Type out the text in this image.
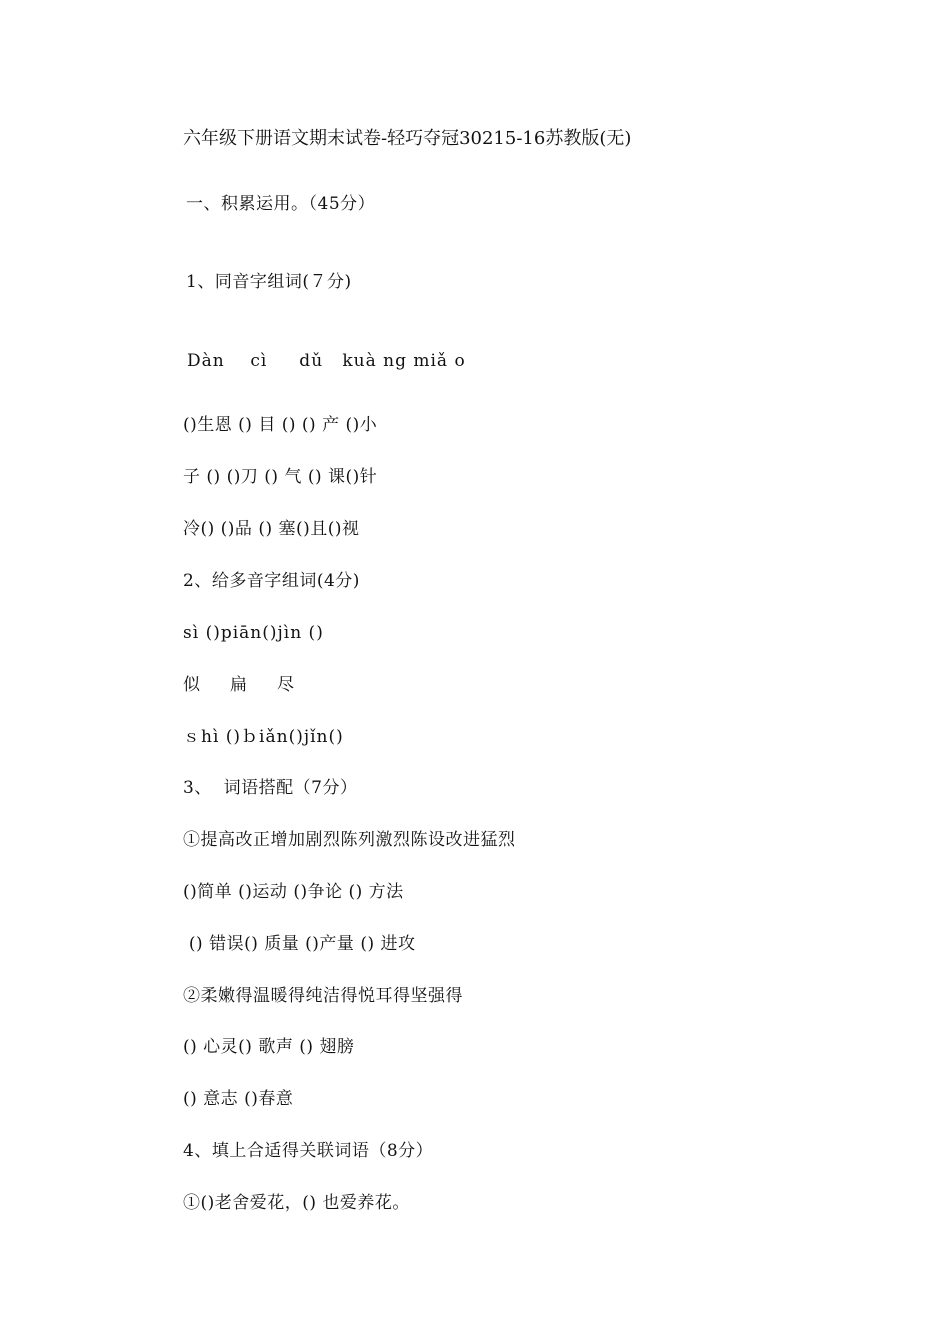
六年级下册语文期末试卷-轻巧夺冠30215-16苏教版(无)
一、积累运用。（45分）
1、同音字组词(７分)
Dàn    cì     dǔ   kuà ng miǎ o
()生恩 () 目 () () 产 ()小
子 () ()刀 () 气 () 课()针
冷() ()品 () 塞()且()视
2、给多音字组词(4分)
sì ()piān()jìn ()
似     扁     尽
ｓhì ()ｂiǎn()jǐn()
3、  词语搭配（7分）
①提高改正增加剧烈陈列激烈陈设改进猛烈
()简单 ()运动 ()争论 () 方法
() 错误() 质量 ()产量 () 进攻
②柔嫩得温暖得纯洁得悦耳得坚强得
() 心灵() 歌声 () 翅膀
() 意志 ()春意
4、填上合适得关联词语（8分）
①()老舍爱花，() 也爱养花。
